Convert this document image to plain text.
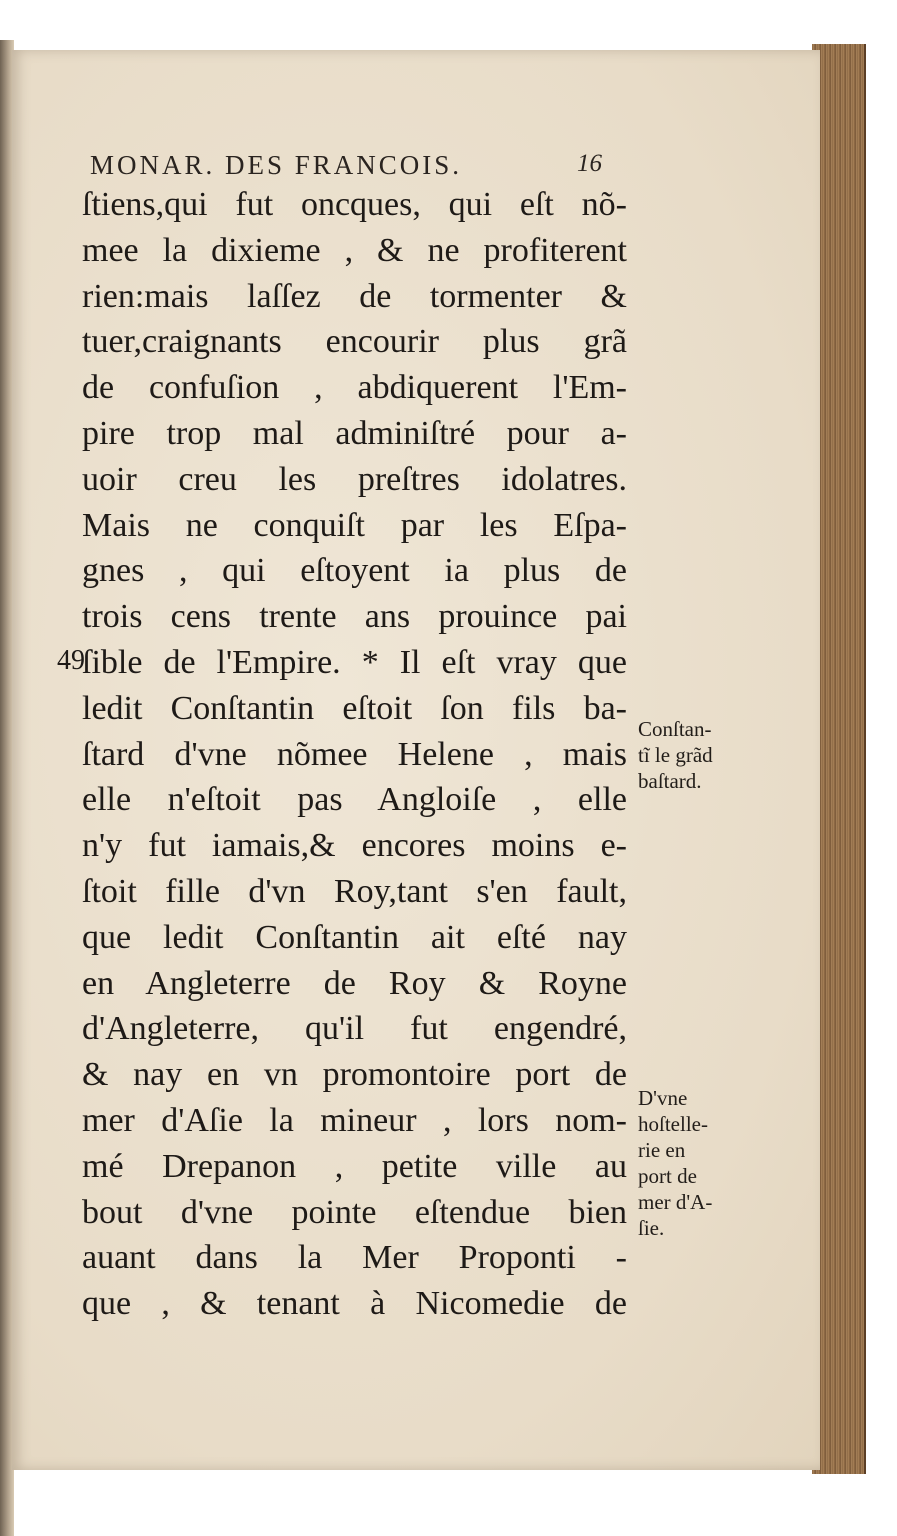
MONAR. DES FRANCOIS.	16
49
ſtiens,qui fut oncques, qui eſt nõ-
mee la dixieme , & ne profiterent
rien:mais laſſez de tormenter &
tuer,craignants encourir plus grã
de confuſion , abdiquerent l'Em-
pire trop mal adminiſtré pour a-
uoir creu les preſtres idolatres.
Mais ne conquiſt par les Eſpa-
gnes , qui eſtoyent ia plus de
trois cens trente ans prouince pai
ſible de l'Empire. * Il eſt vray que
ledit Conſtantin eſtoit ſon fils ba-
ſtard d'vne nõmee Helene , mais
elle n'eſtoit pas Angloiſe , elle
n'y fut iamais,& encores moins e-
ſtoit fille d'vn Roy,tant s'en fault,
que ledit Conſtantin ait eſté nay
en Angleterre de Roy & Royne
d'Angleterre, qu'il fut engendré,
& nay en vn promontoire port de
mer d'Aſie la mineur , lors nom-
mé Drepanon , petite ville au
bout d'vne pointe eſtendue bien
auant dans la Mer Proponti -
que , & tenant à Nicomedie de
Conſtan-
tĩ le grãd
baſtard.
D'vne
hoſtelle-
rie en
port de
mer d'A-
ſie.
